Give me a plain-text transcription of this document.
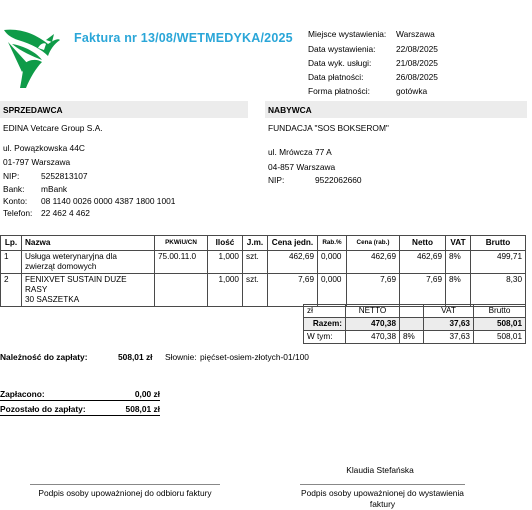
Faktura nr 13/08/WETMEDYKA/2025 Miejsce wystawienia: Warszawa
Data wystawienia: 22/08/2025
Data wyk. usługi:	21/08/2025
Data płatności:	26/08/2025
Forma płatności:	gotówka
SPRZEDAWCA
EDINA Vetcare Group S.A.
ul. Powązkowska 44C
01-797 Warszawa
NIP:	5252813107
Bank: mBank
Konto: 08 1140 0026 0000 4387 1800 1001
Telefon: 22 462 4 462
NABYWCA
FUNDACJA "SOS BOKSEROM"
ul. Mrówcza 77 A
04-857 Warszawa
NIP:	9522062660
Lp.	Nazwa	PKWiU/CN	Ilość	J.m.	Cena jedn.	Rab.%	Cena (rab.)	Netto	VAT	Brutto
1	Usługa weterynaryjna dla
zwierząt domowych	75.00.11.0	1,000	szt.	462,69	0,000	462,69	462,69	8%	499,71
2	FENIXVET SUSTAIN DUZE RASY
30 SASZETKA		1,000	szt.	7,69	0,000	7,69	7,69	8%	8,30
zł	NETTO		VAT	Brutto
Razem:	470,38		37,63	508,01
W tym:	470,38	8%	37,63	508,01
Należność do zapłaty:	508,01 zł Słownie: pięćset-osiem-złotych-01/100
Zapłacono:	0,00 zł
Pozostało do zapłaty:	508,01 zł
Klaudia Stefańska
Podpis osoby upoważnionej do odbioru faktury	Podpis osoby upoważnionej do wystawienia faktury
